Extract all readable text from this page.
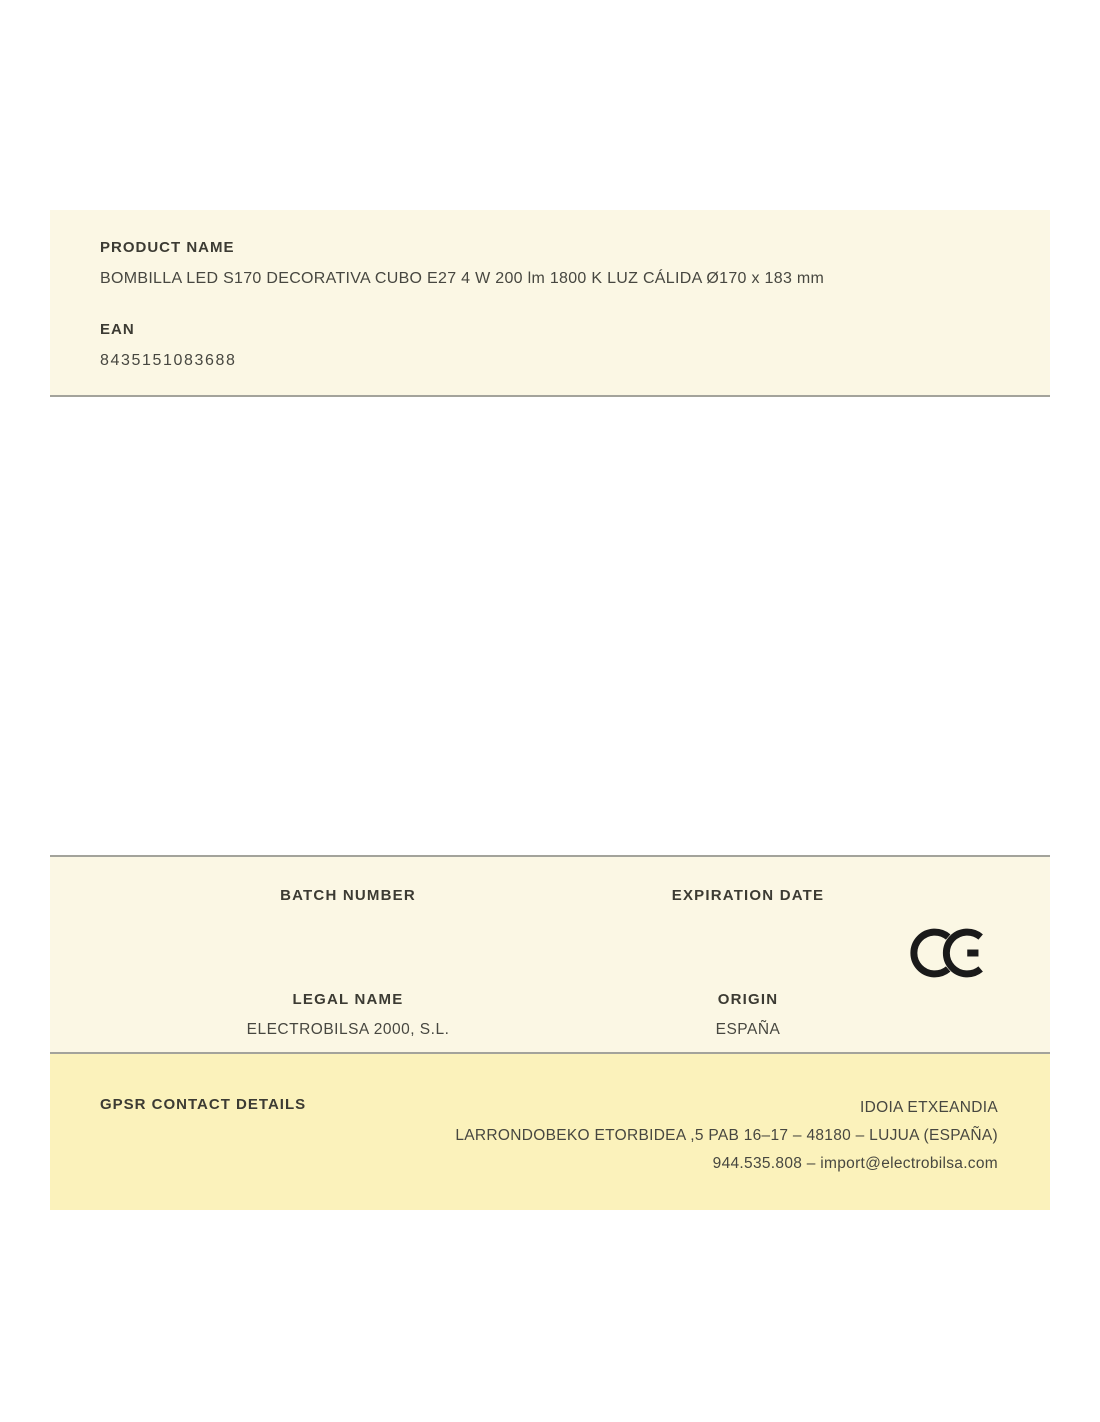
PRODUCT NAME
BOMBILLA LED S170 DECORATIVA CUBO E27 4 W 200 lm 1800 K LUZ CÁLIDA Ø170 x 183 mm
EAN
8435151083688
BATCH NUMBER	EXPIRATION DATE
LEGAL NAME
ELECTROBILSA 2000, S.L.
ORIGIN
ESPAÑA
GPSR CONTACT DETAILS	IDOIA ETXEANDIA
LARRONDOBEKO ETORBIDEA ,5 PAB 16–17 – 48180 – LUJUA (ESPAÑA)
944.535.808 – import@electrobilsa.com
